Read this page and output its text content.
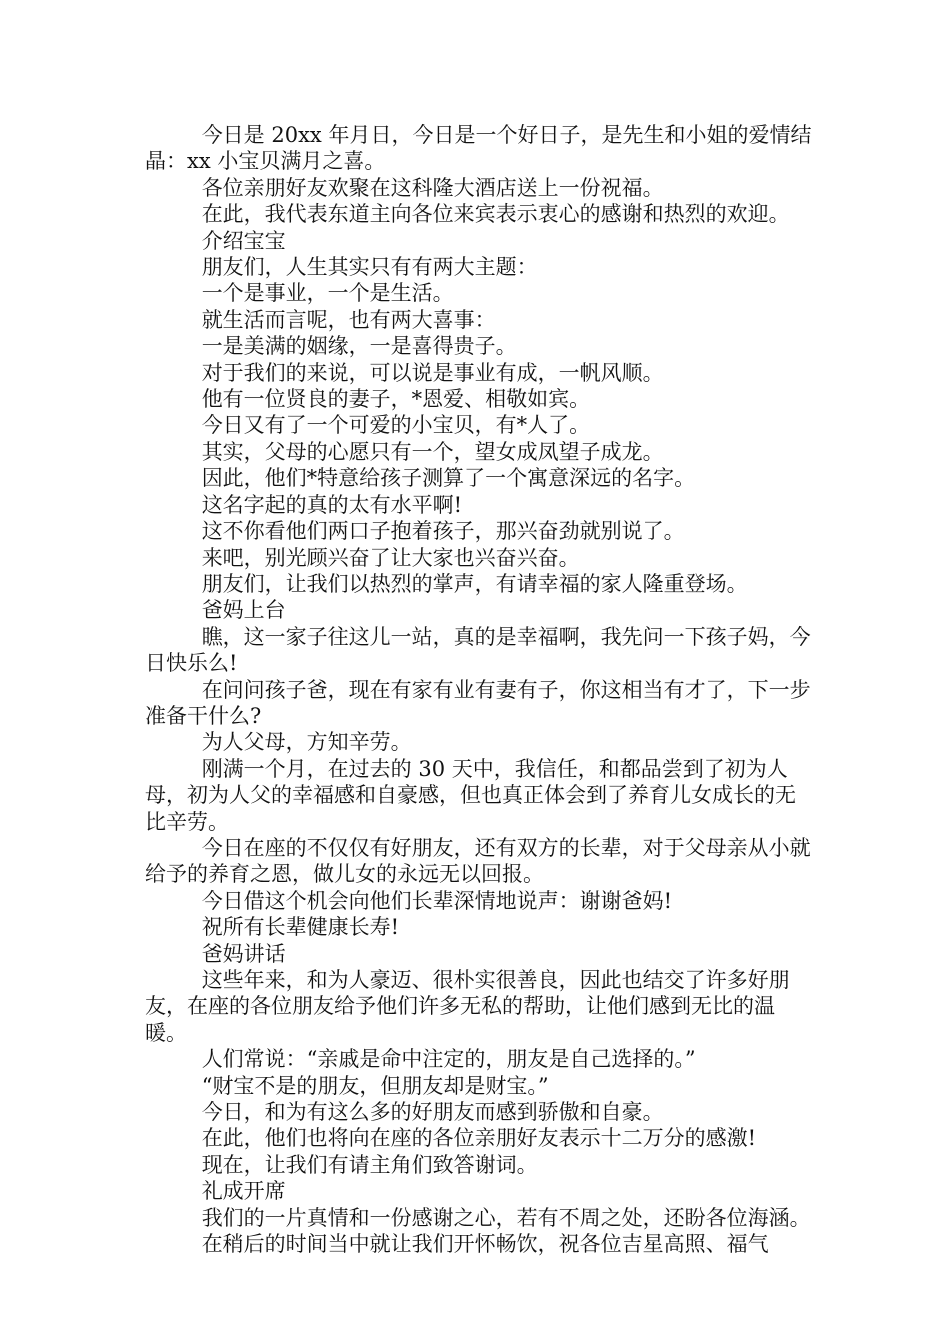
今日是 20xx 年月日，今日是一个好日子，是先生和小姐的爱情结晶：xx 小宝贝满月之喜。

各位亲朋好友欢聚在这科隆大酒店送上一份祝福。

在此，我代表东道主向各位来宾表示衷心的感谢和热烈的欢迎。

介绍宝宝

朋友们，人生其实只有有两大主题：

一个是事业，一个是生活。

就生活而言呢，也有两大喜事：

一是美满的姻缘，一是喜得贵子。

对于我们的来说，可以说是事业有成，一帆风顺。

他有一位贤良的妻子，*恩爱、相敬如宾。

今日又有了一个可爱的小宝贝，有*人了。

其实，父母的心愿只有一个，望女成凤望子成龙。

因此，他们*特意给孩子测算了一个寓意深远的名字。

这名字起的真的太有水平啊!

这不你看他们两口子抱着孩子，那兴奋劲就别说了。

来吧，别光顾兴奋了让大家也兴奋兴奋。

朋友们，让我们以热烈的掌声，有请幸福的家人隆重登场。

爸妈上台

瞧，这一家子往这儿一站，真的是幸福啊，我先问一下孩子妈，今日快乐么!

在问问孩子爸，现在有家有业有妻有子，你这相当有才了，下一步准备干什么?

为人父母，方知辛劳。

刚满一个月，在过去的 30 天中，我信任，和都品尝到了初为人母，初为人父的幸福感和自豪感，但也真正体会到了养育儿女成长的无比辛劳。

今日在座的不仅仅有好朋友，还有双方的长辈，对于父母亲从小就给予的养育之恩，做儿女的永远无以回报。

今日借这个机会向他们长辈深情地说声：谢谢爸妈!

祝所有长辈健康长寿!

爸妈讲话

这些年来，和为人豪迈、很朴实很善良，因此也结交了许多好朋友，在座的各位朋友给予他们许多无私的帮助，让他们感到无比的温暖。

人们常说：“亲戚是命中注定的，朋友是自己选择的。”

“财宝不是的朋友，但朋友却是财宝。”

今日，和为有这么多的好朋友而感到骄傲和自豪。

在此，他们也将向在座的各位亲朋好友表示十二万分的感激!

现在，让我们有请主角们致答谢词。

礼成开席

我们的一片真情和一份感谢之心，若有不周之处，还盼各位海涵。

在稍后的时间当中就让我们开怀畅饮，祝各位吉星高照、福气
